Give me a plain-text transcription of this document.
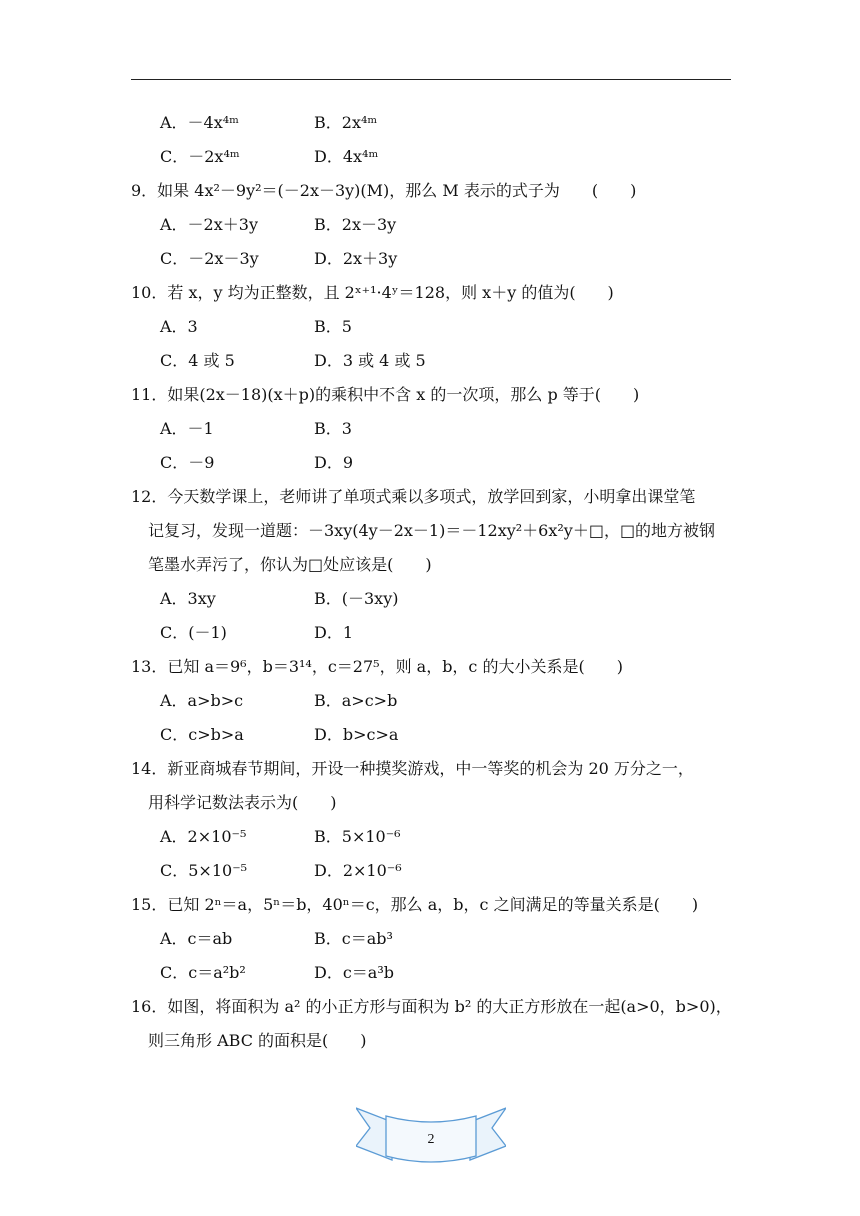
A．－4x⁴ᵐ	B．2x⁴ᵐ
C．－2x⁴ᵐ	D．4x⁴ᵐ
9．如果 4x²－9y²＝(－2x－3y)(M)，那么 M 表示的式子为　　(　　)
A．－2x＋3y	B．2x－3y
C．－2x－3y	D．2x＋3y
10．若 x，y 均为正整数，且 2ˣ⁺¹·4ʸ＝128，则 x＋y 的值为(　　)
A．3	B．5
C．4 或 5	D．3 或 4 或 5
11．如果(2x－18)(x＋p)的乘积中不含 x 的一次项，那么 p 等于(　　)
A．－1	B．3
C．－9	D．9
12．今天数学课上，老师讲了单项式乘以多项式，放学回到家，小明拿出课堂笔
记复习，发现一道题：－3xy(4y－2x－1)＝－12xy²＋6x²y＋□，□的地方被钢
笔墨水弄污了，你认为□处应该是(　　)
A．3xy	B．(－3xy)
C．(－1)	D．1
13．已知 a＝9⁶，b＝3¹⁴，c＝27⁵，则 a，b，c 的大小关系是(　　)
A．a>b>c	B．a>c>b
C．c>b>a	D．b>c>a
14．新亚商城春节期间，开设一种摸奖游戏，中一等奖的机会为 20 万分之一，
用科学记数法表示为(　　)
A．2×10⁻⁵	B．5×10⁻⁶
C．5×10⁻⁵	D．2×10⁻⁶
15．已知 2ⁿ＝a，5ⁿ＝b，40ⁿ＝c，那么 a，b，c 之间满足的等量关系是(　　)
A．c＝ab	B．c＝ab³
C．c＝a²b²	D．c＝a³b
16．如图，将面积为 a² 的小正方形与面积为 b² 的大正方形放在一起(a>0，b>0)，
则三角形 ABC 的面积是(　　)
2
